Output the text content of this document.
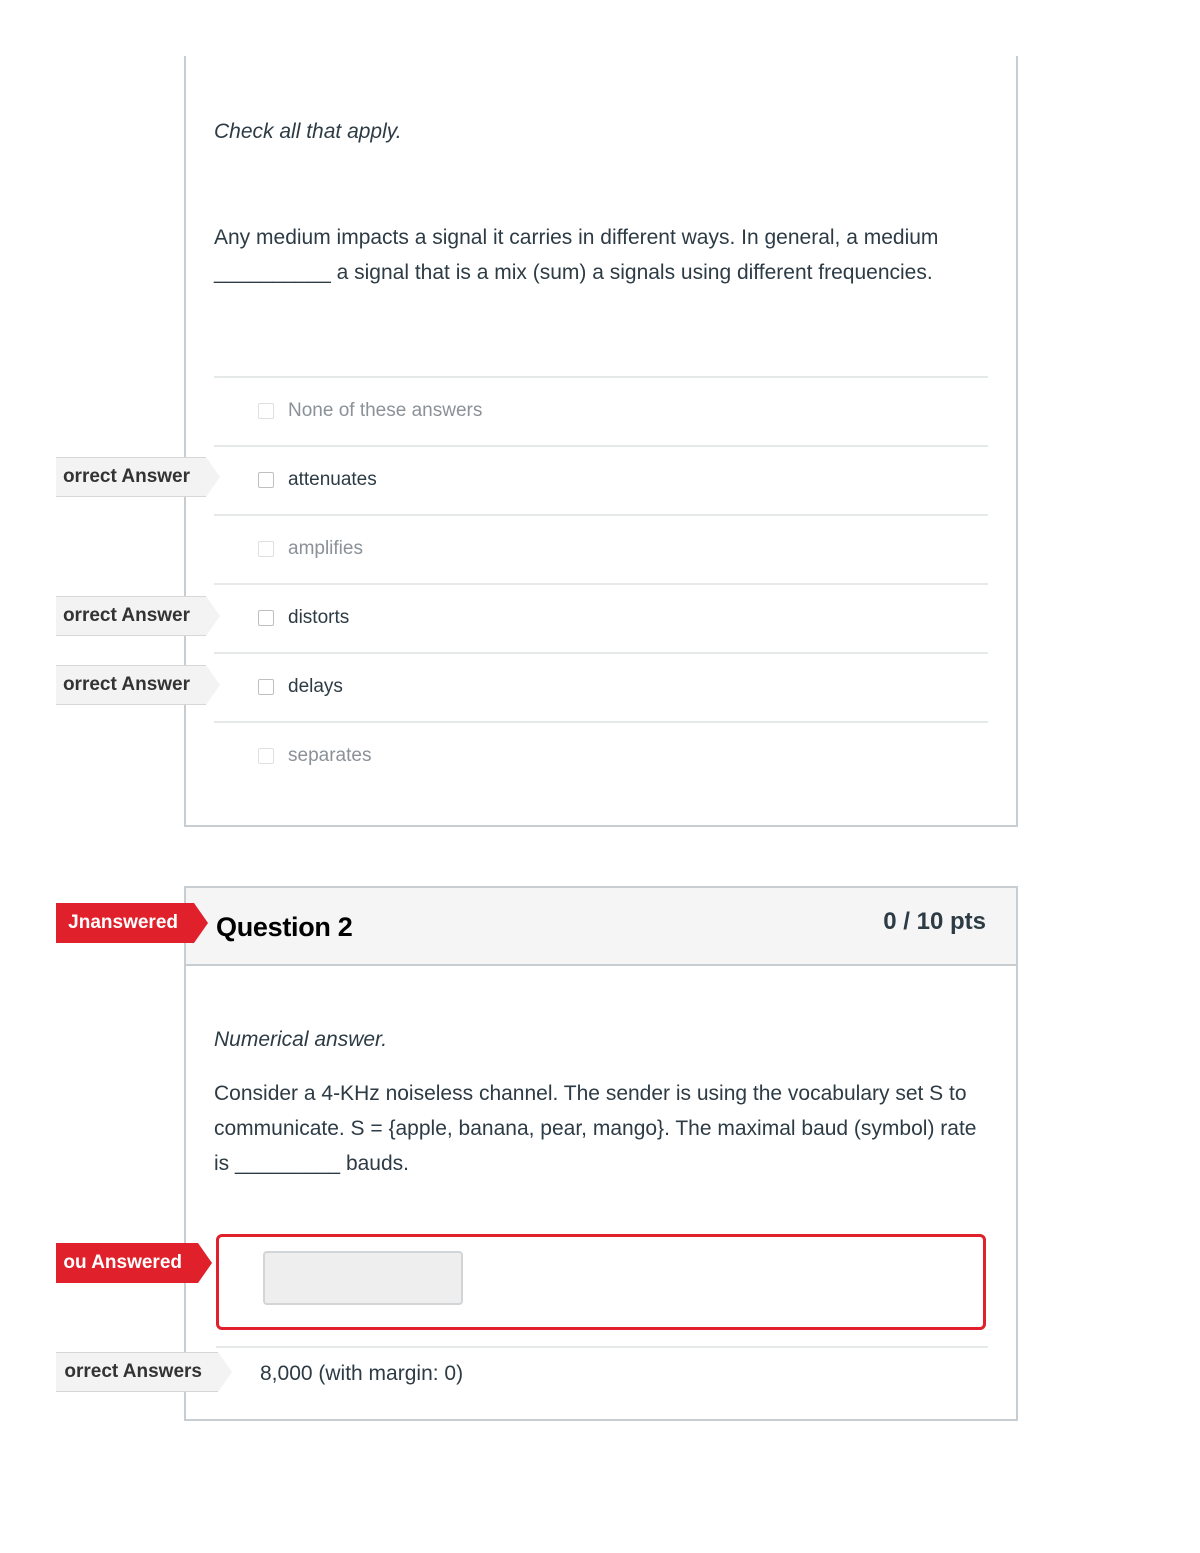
Check all that apply.
Any medium impacts a signal it carries in different ways. In general, a medium __________ a signal that is a mix (sum) a signals using different frequencies.
None of these answers
attenuates
amplifies
distorts
delays
separates
orrect Answer
orrect Answer
orrect Answer
Question 2	0 / 10 pts
Numerical answer.
Consider a 4-KHz noiseless channel. The sender is using the vocabulary set S to communicate. S = {apple, banana, pear, mango}. The maximal baud (symbol) rate is _________ bauds.
8,000 (with margin: 0)
Jnanswered
ou Answered
orrect Answers
